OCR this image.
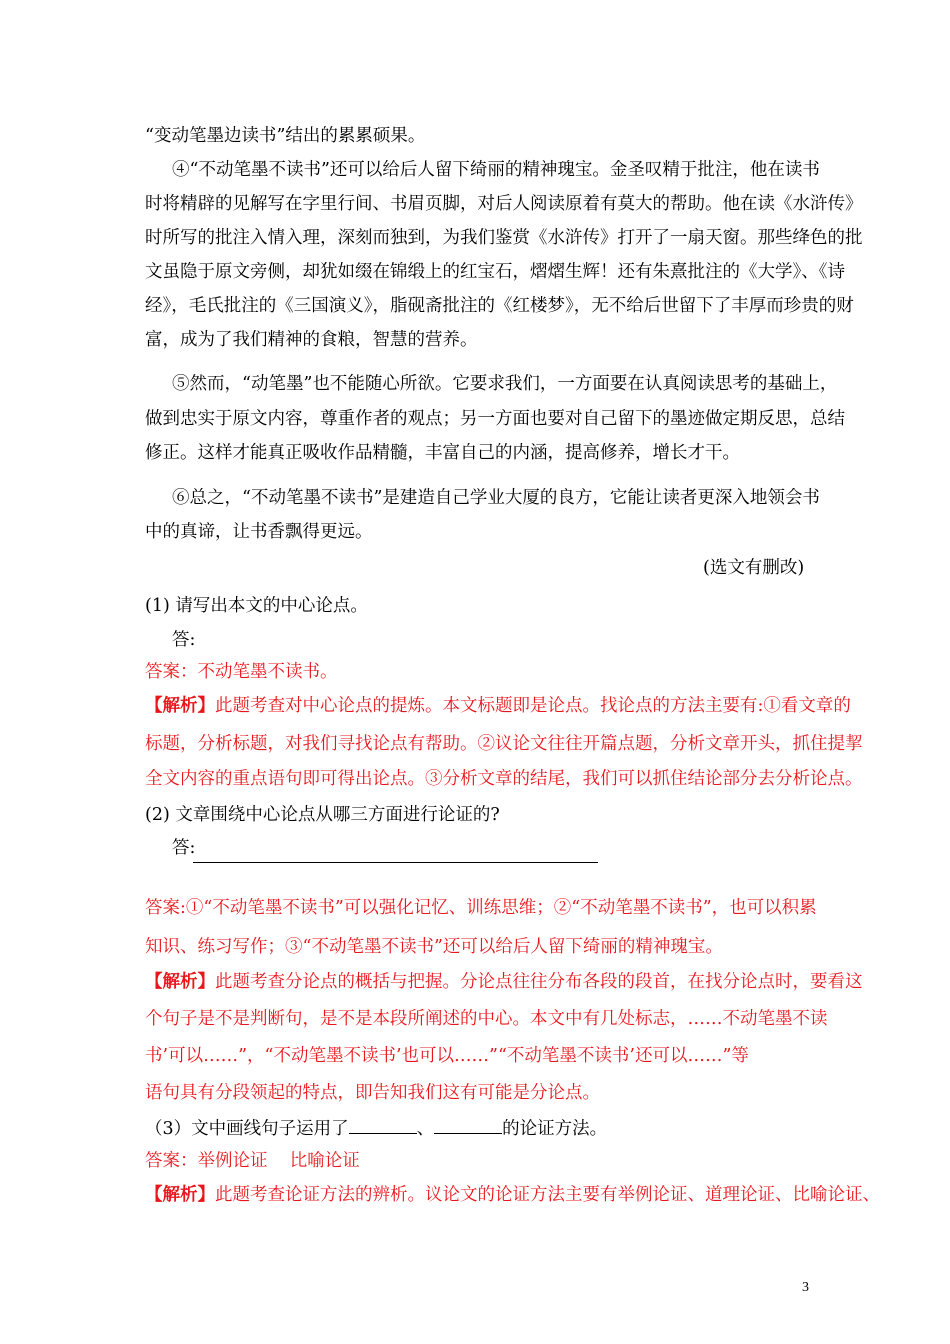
“变动笔墨边读书”结出的累累硕果。
④“不动笔墨不读书”还可以给后人留下绮丽的精神瑰宝。金圣叹精于批注，他在读书
时将精辟的见解写在字里行间、书眉页脚，对后人阅读原着有莫大的帮助。他在读《水浒传》
时所写的批注入情入理，深刻而独到，为我们鉴赏《水浒传》打开了一扇天窗。那些绛色的批
文虽隐于原文旁侧，却犹如缀在锦缎上的红宝石，熠熠生辉！还有朱熹批注的《大学》、《诗
经》，毛氏批注的《三国演义》，脂砚斋批注的《红楼梦》，无不给后世留下了丰厚而珍贵的财
富，成为了我们精神的食粮，智慧的营养。
⑤然而，“动笔墨”也不能随心所欲。它要求我们，一方面要在认真阅读思考的基础上，
做到忠实于原文内容，尊重作者的观点；另一方面也要对自己留下的墨迹做定期反思，总结
修正。这样才能真正吸收作品精髓，丰富自己的内涵，提高修养，增长才干。
⑥总之，“不动笔墨不读书”是建造自己学业大厦的良方，它能让读者更深入地领会书
中的真谛，让书香飘得更远。
(选文有删改)
(1) 请写出本文的中心论点。
答:
答案：不动笔墨不读书。
【解析】此题考查对中心论点的提炼。本文标题即是论点。找论点的方法主要有:①看文章的
标题，分析标题，对我们寻找论点有帮助。②议论文往往开篇点题，分析文章开头，抓住提挈
全文内容的重点语句即可得出论点。③分析文章的结尾，我们可以抓住结论部分去分析论点。
(2) 文章围绕中心论点从哪三方面进行论证的?
答:
答案:①“不动笔墨不读书”可以强化记忆、训练思维；②“不动笔墨不读书”，也可以积累
知识、练习写作；③“不动笔墨不读书”还可以给后人留下绮丽的精神瑰宝。
【解析】此题考查分论点的概括与把握。分论点往往分布各段的段首，在找分论点时，要看这
个句子是不是判断句，是不是本段所阐述的中心。本文中有几处标志，……不动笔墨不读
书’可以……”，“不动笔墨不读书’也可以……”“不动笔墨不读书’还可以……”等
语句具有分段领起的特点，即告知我们这有可能是分论点。
（3）文中画线句子运用了	、	的论证方法。
答案：举例论证    比喻论证
【解析】此题考查论证方法的辨析。议论文的论证方法主要有举例论证、道理论证、比喻论证、
3
